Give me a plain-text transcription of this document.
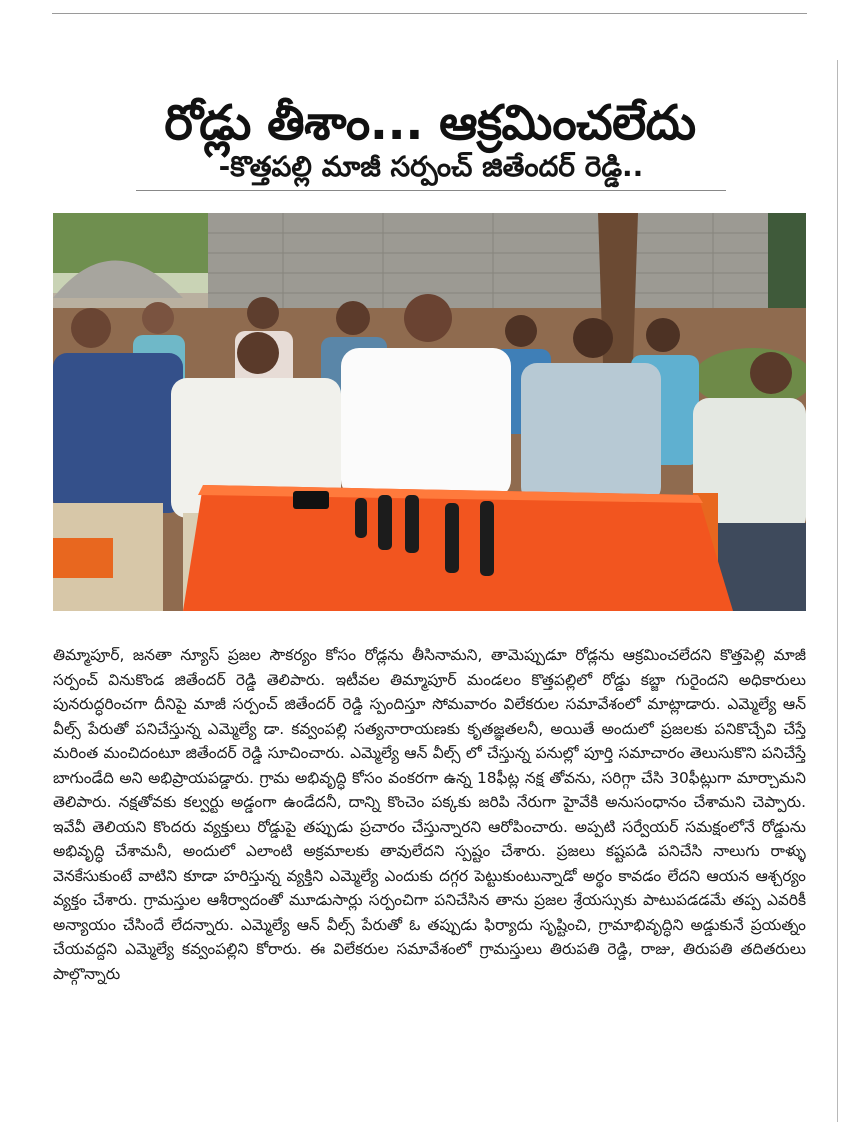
రోడ్లు తీశాం... ఆక్రమించలేదు
-కొత్తపల్లి మాజీ సర్పంచ్ జితేందర్ రెడ్డి..
తిమ్మాపూర్, జనతా న్యూస్ ప్రజల సౌకర్యం కోసం రోడ్లను తీసినామని, తామెప్పుడూ రోడ్లను ఆక్రమించలేదని కొత్తపెల్లి మాజీ సర్పంచ్ వినుకొండ జితేందర్ రెడ్డి తెలిపారు. ఇటీవల తిమ్మాపూర్ మండలం కొత్తపల్లిలో రోడ్డు కబ్జా గురైందని అధికారులు పునరుద్ధరించగా దీనిపై మాజీ సర్పంచ్ జితేందర్ రెడ్డి స్పందిస్తూ సోమవారం విలేకరుల సమావేశంలో మాట్లాడారు. ఎమ్మెల్యే ఆన్ వీల్స్ పేరుతో పనిచేస్తున్న ఎమ్మెల్యే డా. కవ్వంపల్లి సత్యనారాయణకు కృతజ్ఞతలనీ, అయితే అందులో ప్రజలకు పనికొచ్చేవి చేస్తే మరింత మంచిదంటూ జితేందర్ రెడ్డి సూచించారు. ఎమ్మెల్యే ఆన్ వీల్స్ లో చేస్తున్న పనుల్లో పూర్తి సమాచారం తెలుసుకొని పనిచేస్తే బాగుండేది అని అభిప్రాయపడ్డారు. గ్రామ అభివృద్ధి కోసం వంకరగా ఉన్న 18ఫీట్ల నక్ష తోవను, సరిగ్గా చేసి 30ఫీట్లుగా మార్చామని తెలిపారు. నక్షతోవకు కల్వర్టు అడ్డంగా ఉండేదనీ, దాన్ని కొంచెం పక్కకు జరిపి నేరుగా హైవేకి అనుసంధానం చేశామని చెప్పారు. ఇవేవీ తెలియని కొందరు వ్యక్తులు రోడ్డుపై తప్పుడు ప్రచారం చేస్తున్నారని ఆరోపించారు. అప్పటి సర్వేయర్ సమక్షంలోనే రోడ్డును అభివృద్ధి చేశామనీ, అందులో ఎలాంటి అక్రమాలకు తావులేదని స్పష్టం చేశారు. ప్రజలు కష్టపడి పనిచేసి నాలుగు రాళ్ళు వెనకేసుకుంటే వాటిని కూడా హరిస్తున్న వ్యక్తిని ఎమ్మెల్యే ఎందుకు దగ్గర పెట్టుకుంటున్నాడో అర్థం కావడం లేదని ఆయన ఆశ్చర్యం వ్యక్తం చేశారు. గ్రామస్తుల ఆశీర్వాదంతో మూడుసార్లు సర్పంచిగా పనిచేసిన తాను ప్రజల శ్రేయస్సుకు పాటుపడడమే తప్ప ఎవరికీ అన్యాయం చేసిందే లేదన్నారు. ఎమ్మెల్యే ఆన్ వీల్స్ పేరుతో ఓ తప్పుడు ఫిర్యాదు సృష్టించి, గ్రామాభివృద్ధిని అడ్డుకునే ప్రయత్నం చేయవద్దని ఎమ్మెల్యే కవ్వంపల్లిని కోరారు. ఈ విలేకరుల సమావేశంలో గ్రామస్తులు తిరుపతి రెడ్డి, రాజు, తిరుపతి తదితరులు పాల్గొన్నారు
